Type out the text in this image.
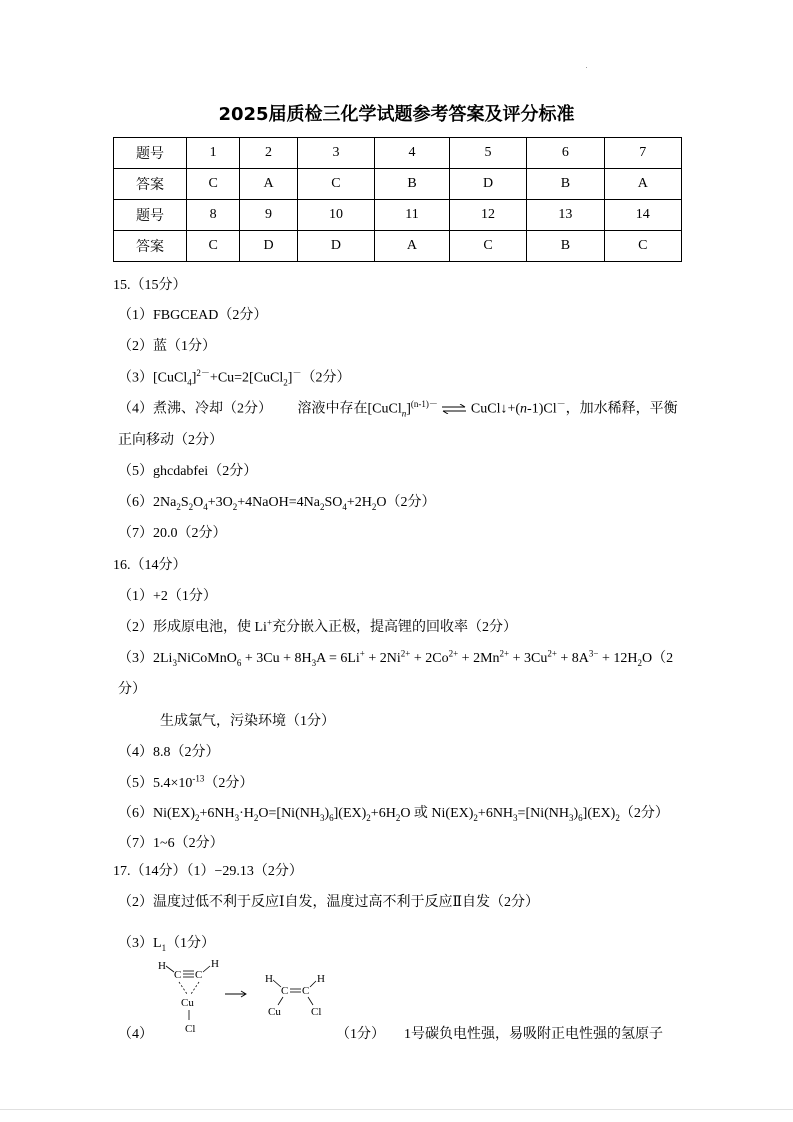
2025届质检三化学试题参考答案及评分标准
题号	1	2	3	4	5	6	7
答案	C	A	C	B	D	B	A
题号	8	9	10	11	12	13	14
答案	C	D	D	A	C	B	C
15.（15分）
（1）FBGCEAD（2分）
（2）蓝（1分）
（3）[CuCl$_4$]$^{2-}$+Cu=2[CuCl$_2$]－（2分）
（4）煮沸、冷却（2分） 溶液中存在[CuCl$_n$]$^{(n-1)-}$ ⇌ CuCl↓+(n-1)Cl－，加水稀释，平衡
正向移动（2分）
（5）ghcdabfei（2分）
$(6)2Na_2S_2O_4+3O_2+4NaOH=4Na_2SO_4+2H_2O(2$分）
（7）20.0（2分）
16.（14分）
（1）+2（1分）
（2）形成原电池，使 Li+充分嵌入正极，提高锂的回收率（2分）
$(3)2Li_3NiCoMnO_6 + 3Cu + 8H_3A = 6Li^+ + 2Ni^{2+} + 2Co^{2+} + 2Mn^{2+} + 3Cu^{2+} + 8A^{3-} + 12H_2O(2$
分）
生成氯气，污染环境（1分）
（4）8.8（2分）
$(5)5.4\times 10^{-13}(2$分）
$(6)Ni(EX)_2+6NH_3\cdot H_2O=[Ni(NH_3)_6](EX)_2+6H_2O$ 或 $Ni(EX)_2+6NH_3=[Ni(NH_3)_6](EX)_2(2$分）
（7）1~6（2分）
17.（14分）（1）−29.13（2分）
（2）温度过低不利于反应Ⅰ自发，温度过高不利于反应Ⅱ自发（2分）
$(3)L_1(1$分）
H
C C
H
Cu
Cl
H
C C
H
Cu	Cl
（4）	（1分） 1号碳负电性强，易吸附正电性强的氢原子
